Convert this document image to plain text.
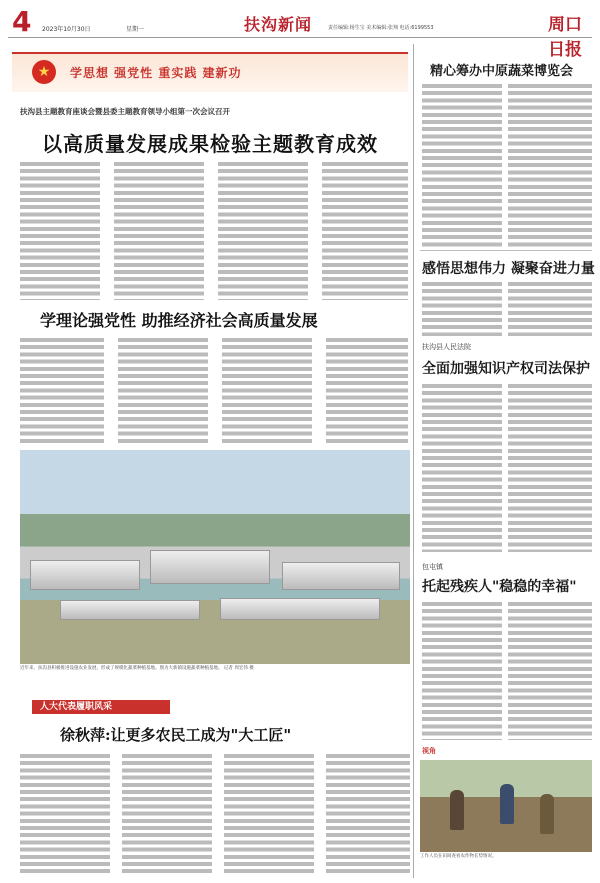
4 2023年10月30日	星期一	扶沟新闻	责任编辑:杨生宝 美术编辑:张翔 电话:6199553	周口日报
★	学思想 强党性 重实践 建新功
扶沟县主题教育座谈会暨县委主题教育领导小组第一次会议召开
以高质量发展成果检验主题教育成效
学理论强党性 助推经济社会高质量发展
近年来，扶沟县积极推进设施农业发展，形成了规模化蔬菜种植基地。图为大新镇设施蔬菜种植基地。 记者 周宏伟 摄
人大代表履职风采
徐秋萍:让更多农民工成为"大工匠"
精心筹办中原蔬菜博览会
感悟思想伟力 凝聚奋进力量
扶沟县人民法院
全面加强知识产权司法保护
包屯镇
托起残疾人"稳稳的幸福"
视角
工作人员在田间查看农作物长势情况。
